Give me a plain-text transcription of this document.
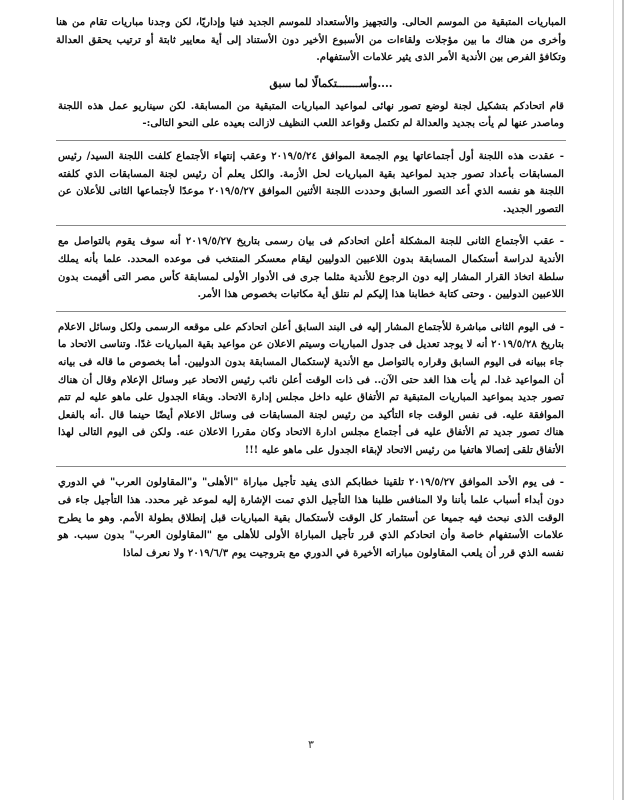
المباريات المتبقية من الموسم الحالى. والتجهيز والأستعداد للموسم الجديد فنيا وإداريًا، لكن وجدنا مباريات تقام من هنا وأخرى من هناك ما بين مؤجلات ولقاءات من الأسبوع الأخير دون الأستناد إلى أية معايير ثابتة أو ترتيب يحقق العدالة وتكافؤ الفرص بين الأندية الأمر الذى يثير علامات الأستفهام.

....وأســـــــتكمالًا لما سبق

قام اتحادكم بتشكيل لجنة لوضع تصور نهائى لمواعيد المباريات المتبقية من المسابقة. لكن سيناريو عمل هذه اللجنة وماصدر عنها لم يأت بجديد والعدالة لم تكتمل وقواعد اللعب النظيف لازالت بعيده على النحو التالى:-

- عقدت هذه اللجنة أول أجتماعاتها يوم الجمعة الموافق ٢٠١٩/٥/٢٤ وعقب إنتهاء الأجتماع كلفت اللجنة السيد/ رئيس المسابقات بأعداد تصور جديد لمواعيد بقية المباريات لحل الأزمة. والكل يعلم أن رئيس لجنة المسابقات الذي كلفته اللجنة هو نفسه الذي أعد التصور السابق وحددت اللجنة الأثنين الموافق ٢٠١٩/٥/٢٧ موعدًا لأجتماعها الثانى للأعلان عن التصور الجديد.

- عقب الأجتماع الثانى للجنة المشكلة أعلن اتحادكم فى بيان رسمى بتاريخ ٢٠١٩/٥/٢٧ أنه سوف يقوم بالتواصل مع الأندية لدراسة أستكمال المسابقة بدون اللاعبين الدوليين ليقام معسكر المنتخب فى موعده المحدد. علما بأنه يملك سلطة اتخاذ القرار المشار إليه دون الرجوع للأندية مثلما جرى فى الأدوار الأولى لمسابقة كأس مصر التى أقيمت بدون اللاعبين الدوليين . وحتى كتابة خطابنا هذا إليكم لم نتلق أية مكاتبات بخصوص هذا الأمر.

- فى اليوم الثانى مباشرة للأجتماع المشار إليه فى البند السابق أعلن اتحادكم على موقعه الرسمى ولكل وسائل الاعلام بتاريخ ٢٠١٩/٥/٢٨ أنه لا يوجد تعديل فى جدول المباريات وسيتم الاعلان عن مواعيد بقية المباريات غدًا. وتناسى الاتحاد ما جاء ببيانه فى اليوم السابق وقراره بالتواصل مع الأندية لإستكمال المسابقة بدون الدوليين. أما بخصوص ما قاله فى بيانه أن المواعيد غدا. لم يأت هذا الغد حتى الآن.. فى ذات الوقت أعلن نائب رئيس الاتحاد عبر وسائل الإعلام وقال أن هناك تصور جديد بمواعيد المباريات المتبقية تم الأتفاق عليه داخل مجلس إدارة الاتحاد. وبقاء الجدول على ماهو عليه لم تتم الموافقة عليه. فى نفس الوقت جاء التأكيد من رئيس لجنة المسابقات فى وسائل الاعلام أيضًا حينما قال .أنه بالفعل هناك تصور جديد تم الأتفاق عليه فى أجتماع مجلس ادارة الاتحاد وكان مقررا الاعلان عنه. ولكن فى اليوم التالى لهذا الأتفاق تلقى إتصالا هاتفيا من رئيس الاتحاد لإبقاء الجدول على ماهو عليه !!!

- فى يوم الأحد الموافق ٢٠١٩/٥/٢٧ تلقينا خطابكم الذى يفيد تأجيل مباراة "الأهلى" و"المقاولون العرب" في الدوري دون أبداء أسباب علما بأننا ولا المنافس طلبنا هذا التأجيل الذي تمت الإشارة إليه لموعد غير محدد. هذا التأجيل جاء فى الوقت الذى نبحث فيه جميعا عن أستثمار كل الوقت لأستكمال بقية المباريات قبل إنطلاق بطولة الأمم. وهو ما يطرح علامات الأستفهام خاصة وأن اتحادكم الذي قرر تأجيل المباراة الأولى للأهلى مع "المقاولون العرب" بدون سبب. هو نفسه الذي قرر أن يلعب المقاولون مباراته الأخيرة في الدوري مع بتروجيت يوم ٢٠١٩/٦/٣ ولا نعرف لماذا

٣
